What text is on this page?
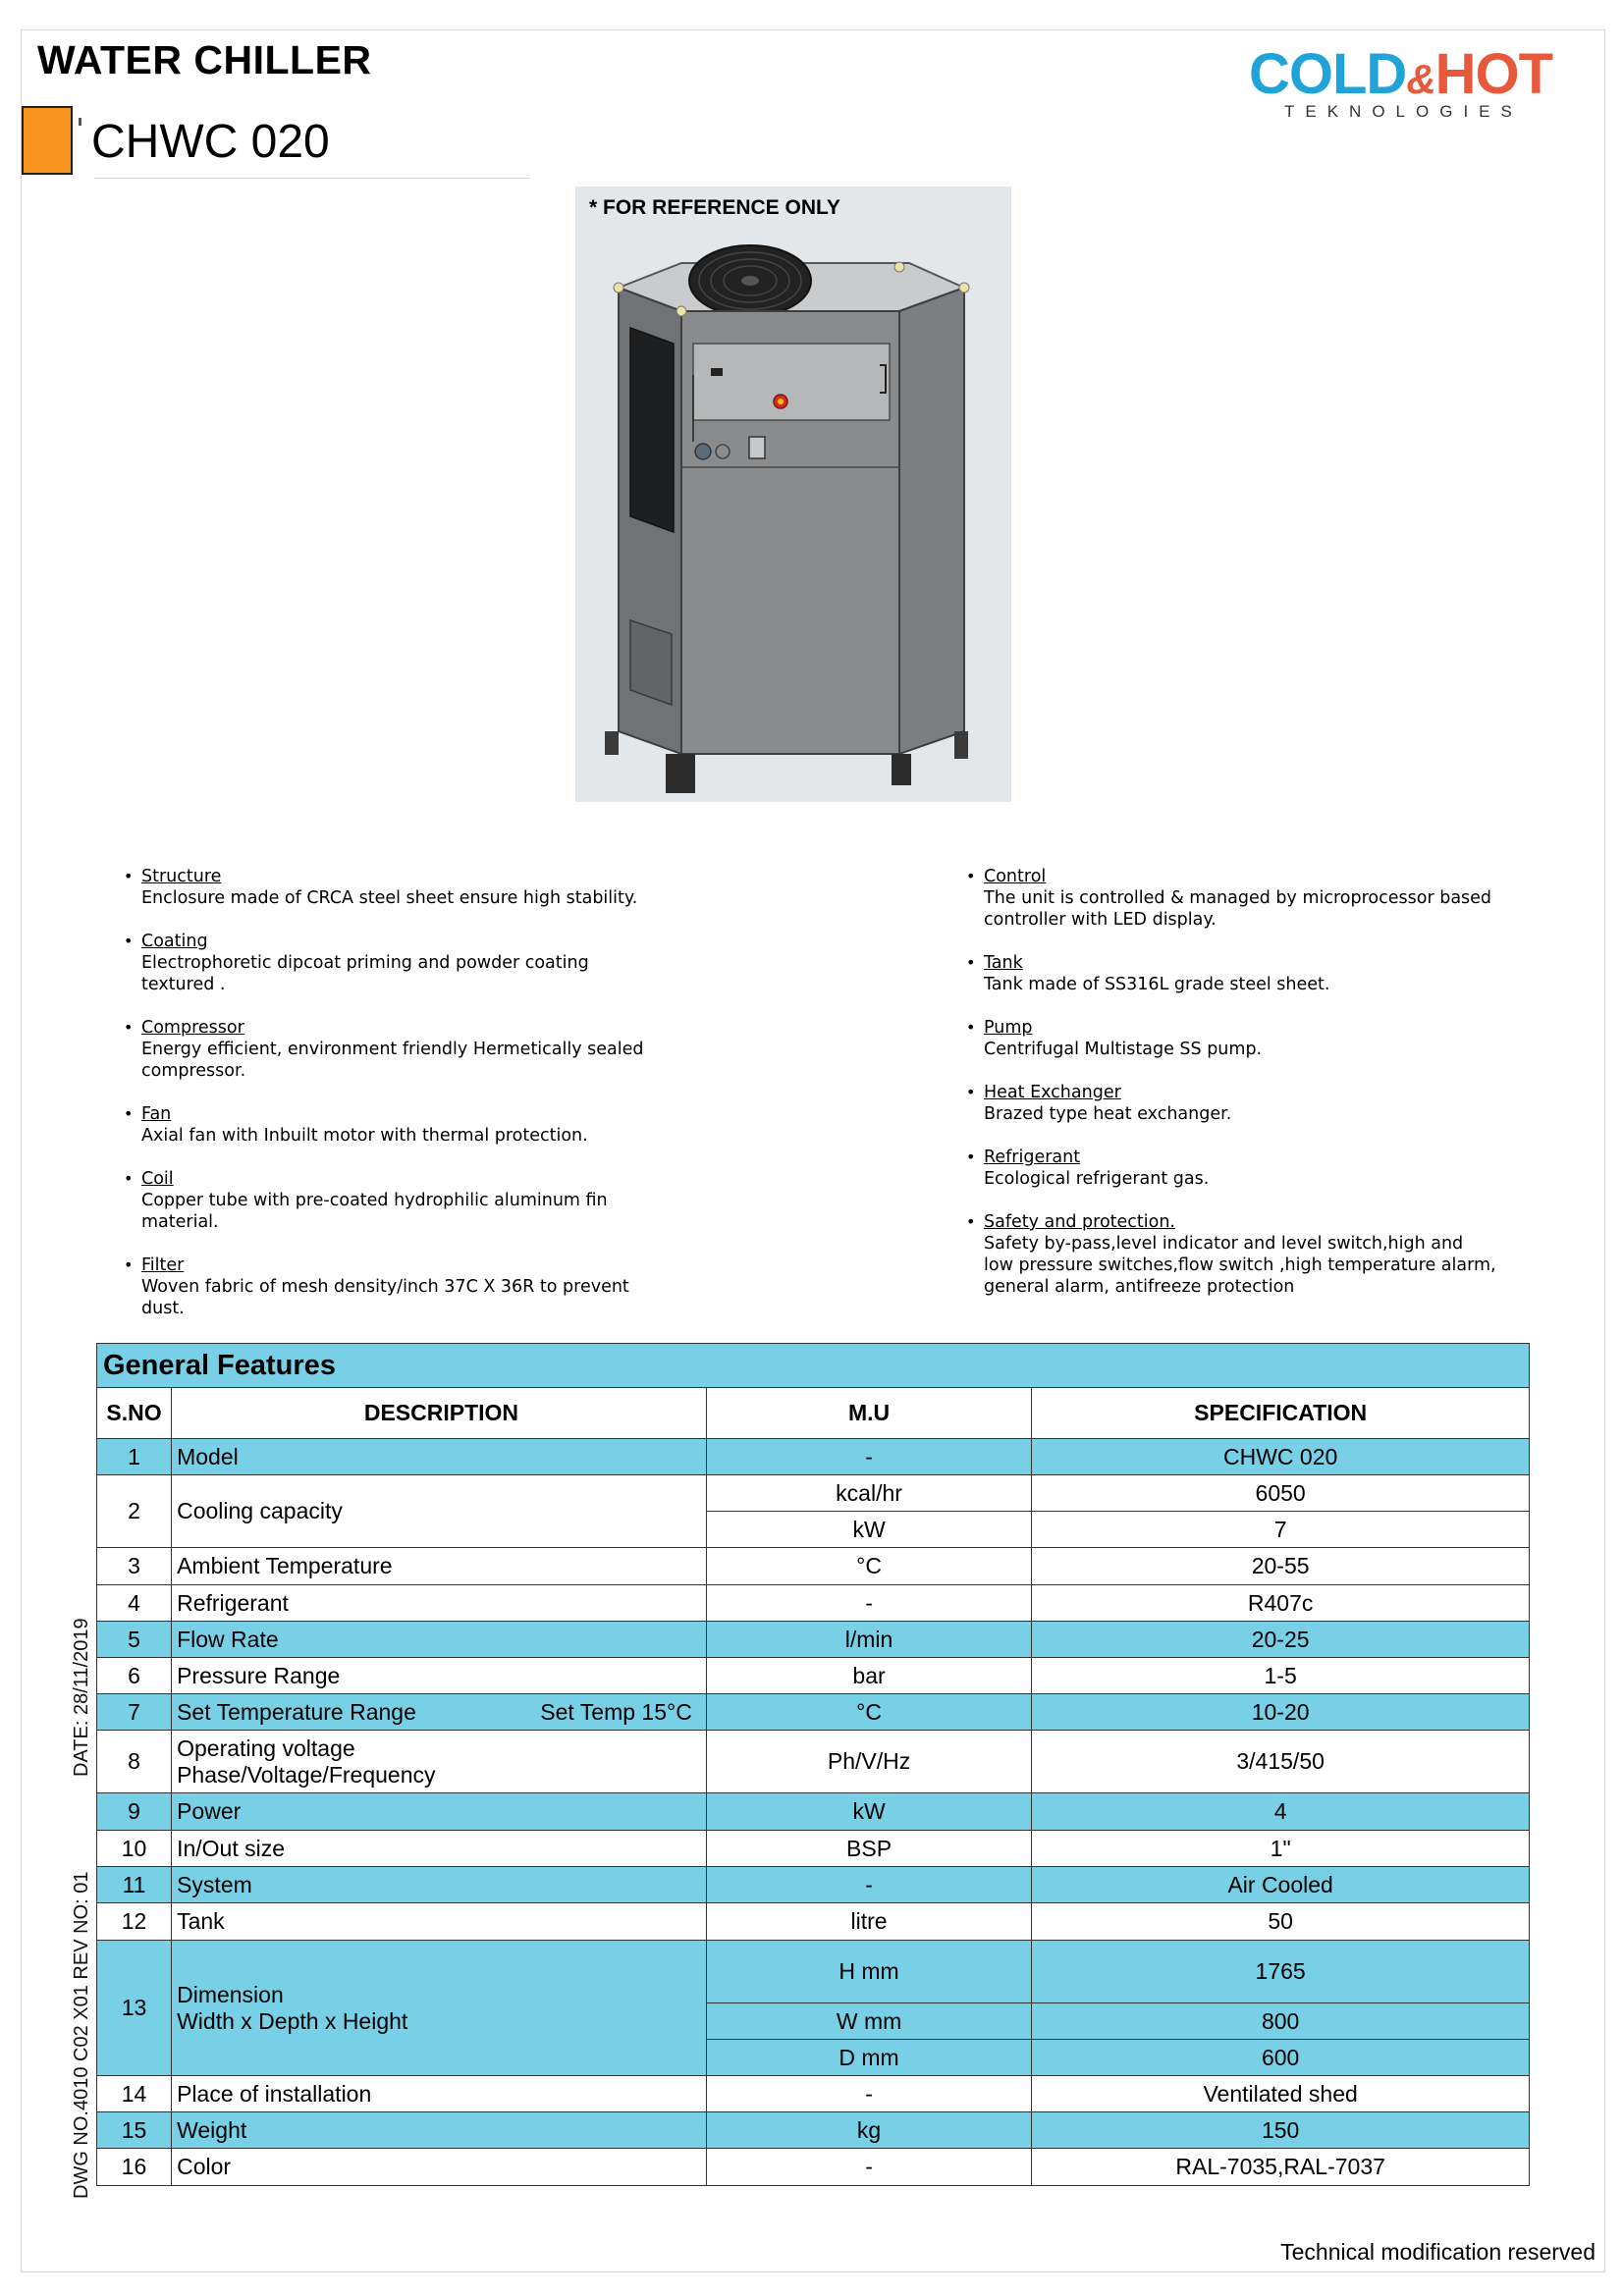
WATER CHILLER
CHWC 020
COLD&HOT
TEKNOLOGIES
* FOR REFERENCE ONLY
• Structure
Enclosure made of CRCA steel sheet ensure high stability.
• Coating
Electrophoretic dipcoat priming and powder coating
textured .
• Compressor
Energy efficient, environment friendly Hermetically sealed
compressor.
• Fan
Axial fan with Inbuilt motor with thermal protection.
• Coil
Copper tube with pre-coated hydrophilic aluminum fin
material.
• Filter
Woven fabric of mesh density/inch 37C X 36R to prevent
dust.
• Control
The unit is controlled & managed by microprocessor based
controller with LED display.
• Tank
Tank made of SS316L grade steel sheet.
• Pump
Centrifugal Multistage SS pump.
• Heat Exchanger
Brazed type heat exchanger.
• Refrigerant
Ecological refrigerant gas.
• Safety and protection.
Safety by-pass,level indicator and level switch,high and
low pressure switches,flow switch ,high temperature alarm,
general alarm, antifreeze protection
General Features			
S.NO	DESCRIPTION	M.U	SPECIFICATION
1	Model	-	CHWC 020
2	Cooling capacity	kcal/hr	6050
		kW	7
3	Ambient Temperature	°C	20-55
4	Refrigerant	-	R407c
5	Flow Rate	l/min	20-25
6	Pressure Range	bar	1-5
7	Set Temperature Range Set Temp 15°C	°C	10-20
8	Operating voltage
Phase/Voltage/Frequency	Ph/V/Hz	3/415/50
9	Power	kW	4
10	In/Out size	BSP	1"
11	System	-	Air Cooled
12	Tank	litre	50
13	Dimension
Width x Depth x Height	H mm	1765
		W mm	800
		D mm	600
14	Place of installation	-	Ventilated shed
15	Weight	kg	150
16	Color	-	RAL-7035,RAL-7037
DATE: 28/11/2019
DWG NO.4010 C02 X01 REV NO: 01
Technical modification reserved
